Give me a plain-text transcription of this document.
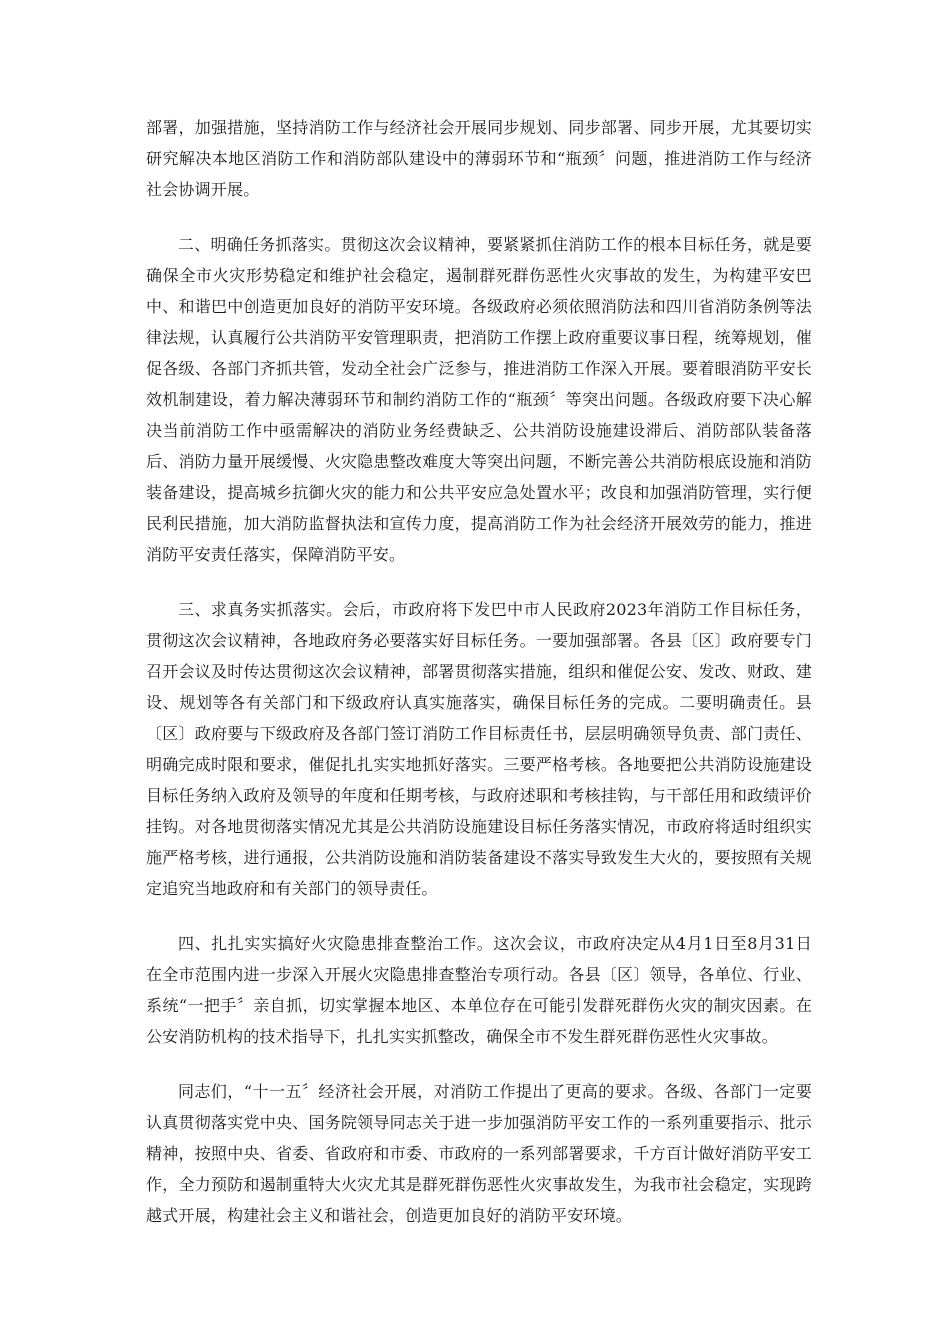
部署，加强措施，坚持消防工作与经济社会开展同步规划、同步部署、同步开展，尤其要切实研究解决本地区消防工作和消防部队建设中的薄弱环节和“瓶颈〞问题，推进消防工作与经济社会协调开展。

二、明确任务抓落实。贯彻这次会议精神，要紧紧抓住消防工作的根本目标任务，就是要确保全市火灾形势稳定和维护社会稳定，遏制群死群伤恶性火灾事故的发生，为构建平安巴中、和谐巴中创造更加良好的消防平安环境。各级政府必须依照消防法和四川省消防条例等法律法规，认真履行公共消防平安管理职责，把消防工作摆上政府重要议事日程，统筹规划，催促各级、各部门齐抓共管，发动全社会广泛参与，推进消防工作深入开展。要着眼消防平安长效机制建设，着力解决薄弱环节和制约消防工作的“瓶颈〞等突出问题。各级政府要下决心解决当前消防工作中亟需解决的消防业务经费缺乏、公共消防设施建设滞后、消防部队装备落后、消防力量开展缓慢、火灾隐患整改难度大等突出问题，不断完善公共消防根底设施和消防装备建设，提高城乡抗御火灾的能力和公共平安应急处置水平；改良和加强消防管理，实行便民利民措施，加大消防监督执法和宣传力度，提高消防工作为社会经济开展效劳的能力，推进消防平安责任落实，保障消防平安。

三、求真务实抓落实。会后，市政府将下发巴中市人民政府2023年消防工作目标任务，贯彻这次会议精神，各地政府务必要落实好目标任务。一要加强部署。各县〔区〕政府要专门召开会议及时传达贯彻这次会议精神，部署贯彻落实措施，组织和催促公安、发改、财政、建设、规划等各有关部门和下级政府认真实施落实，确保目标任务的完成。二要明确责任。县〔区〕政府要与下级政府及各部门签订消防工作目标责任书，层层明确领导负责、部门责任、明确完成时限和要求，催促扎扎实实地抓好落实。三要严格考核。各地要把公共消防设施建设目标任务纳入政府及领导的年度和任期考核，与政府述职和考核挂钩，与干部任用和政绩评价挂钩。对各地贯彻落实情况尤其是公共消防设施建设目标任务落实情况，市政府将适时组织实施严格考核，进行通报，公共消防设施和消防装备建设不落实导致发生大火的，要按照有关规定追究当地政府和有关部门的领导责任。

四、扎扎实实搞好火灾隐患排查整治工作。这次会议，市政府决定从4月1日至8月31日在全市范围内进一步深入开展火灾隐患排查整治专项行动。各县〔区〕领导，各单位、行业、系统“一把手〞亲自抓，切实掌握本地区、本单位存在可能引发群死群伤火灾的制灾因素。在公安消防机构的技术指导下，扎扎实实抓整改，确保全市不发生群死群伤恶性火灾事故。

同志们，“十一五〞经济社会开展，对消防工作提出了更高的要求。各级、各部门一定要认真贯彻落实党中央、国务院领导同志关于进一步加强消防平安工作的一系列重要指示、批示精神，按照中央、省委、省政府和市委、市政府的一系列部署要求，千方百计做好消防平安工作，全力预防和遏制重特大火灾尤其是群死群伤恶性火灾事故发生，为我市社会稳定，实现跨越式开展，构建社会主义和谐社会，创造更加良好的消防平安环境。
